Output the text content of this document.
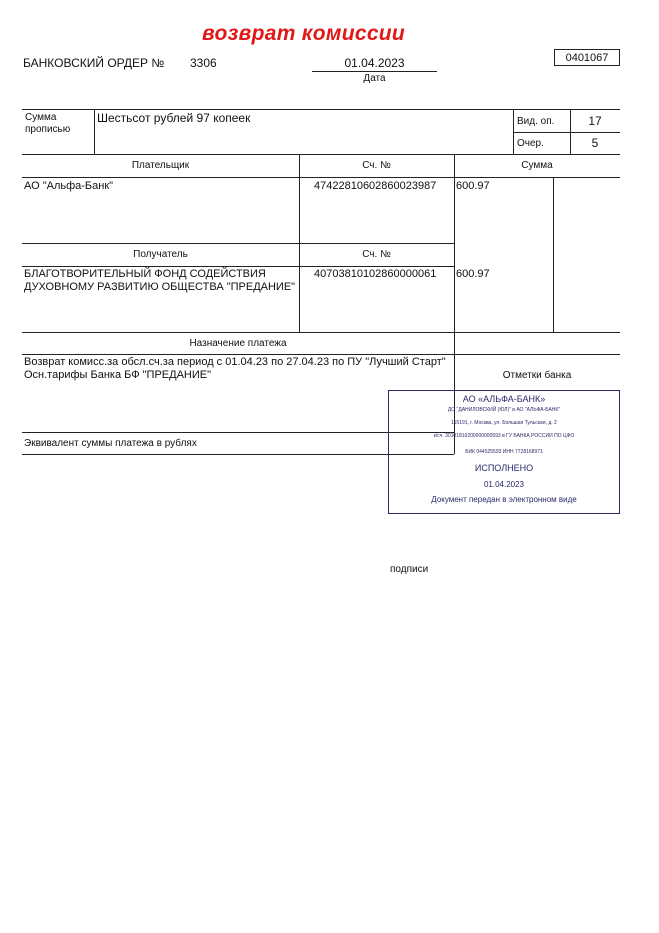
возврат комиссии
БАНКОВСКИЙ ОРДЕР № 3306	01.04.2023
Дата
0401067
Сумма прописью
Шестьсот рублей 97 копеек	Вид. оп.	17
Очер.	5
Плательщик	Сч. №	Сумма
АО "Альфа-Банк"	47422810602860023987 600.97
Получатель	Сч. №
БЛАГОТВОРИТЕЛЬНЫЙ ФОНД СОДЕЙСТВИЯ ДУХОВНОМУ РАЗВИТИЮ ОБЩЕСТВА "ПРЕДАНИЕ"
40703810102860000061 600.97
Назначение платежа
Возврат комисс.за обсл.сч.за период с 01.04.23 по 27.04.23 по ПУ "Лучший Старт"
Осн.тарифы Банка БФ "ПРЕДАНИЕ"	Отметки банка
Эквивалент суммы платежа в рублях
АО «АЛЬФА-БАНК»
ДО "ДАНИЛОВСКИЙ (ЮЛ)" в АО "АЛЬФА-БАНК"
115191, г. Москва, ул. Большая Тульская, д. 2
к/сч. 30101810200000000593 в ГУ БАНКА РОССИИ ПО ЦФО
БИК 044525593 ИНН 7728168971
ИСПОЛНЕНО
01.04.2023
Документ передан в электронном виде
подписи
